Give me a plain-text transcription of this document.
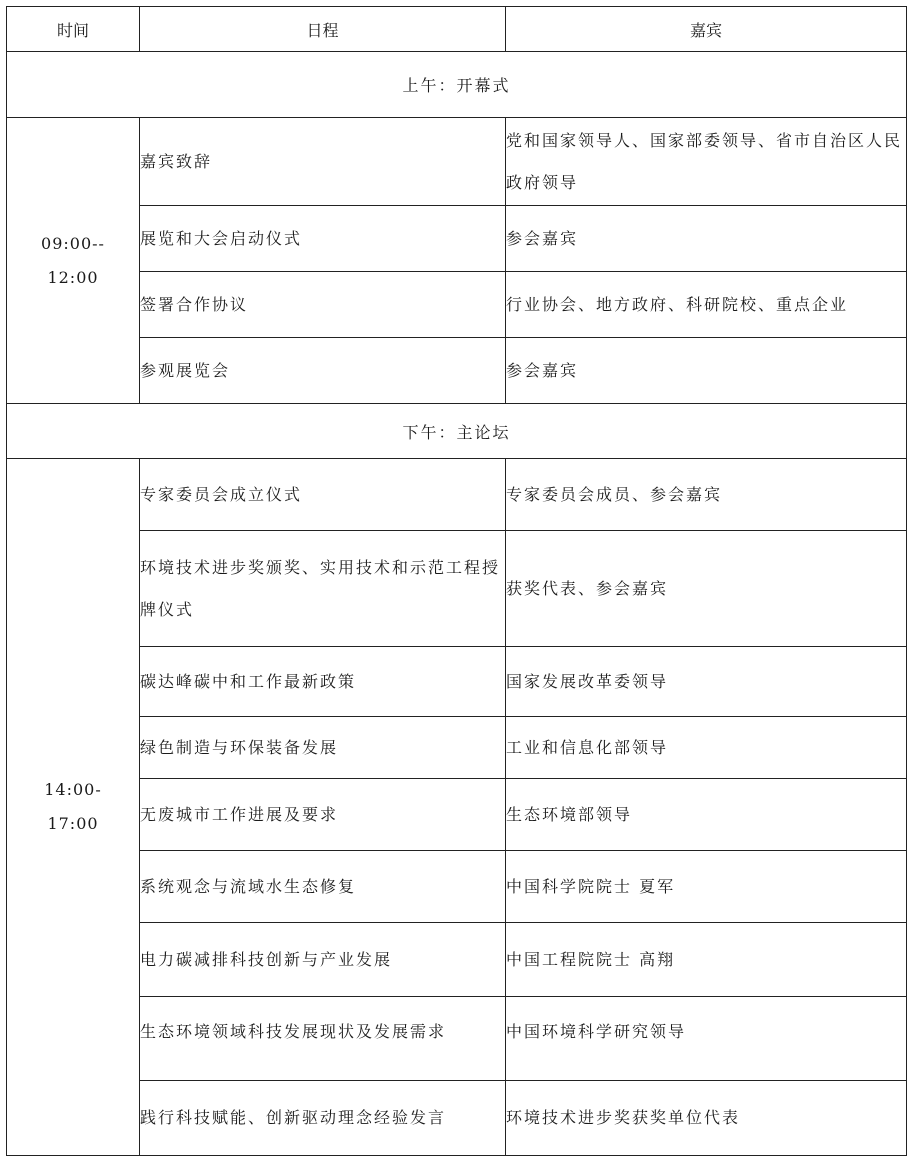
时间	日程	嘉宾
上午：开幕式		

09:00--
12:00	嘉宾致辞	党和国家领导人、国家部委领导、省市自治区人民政府领导
	展览和大会启动仪式	参会嘉宾
	签署合作协议	行业协会、地方政府、科研院校、重点企业
	参观展览会	参会嘉宾
下午：主论坛		

14:00-
17:00	专家委员会成立仪式	专家委员会成员、参会嘉宾
	环境技术进步奖颁奖、实用技术和示范工程授牌仪式	获奖代表、参会嘉宾
	碳达峰碳中和工作最新政策	国家发展改革委领导
	绿色制造与环保装备发展	工业和信息化部领导
	无废城市工作进展及要求	生态环境部领导
	系统观念与流域水生态修复	中国科学院院士 夏军
	电力碳减排科技创新与产业发展	中国工程院院士 高翔
	生态环境领域科技发展现状及发展需求	中国环境科学研究领导
	践行科技赋能、创新驱动理念经验发言	环境技术进步奖获奖单位代表
